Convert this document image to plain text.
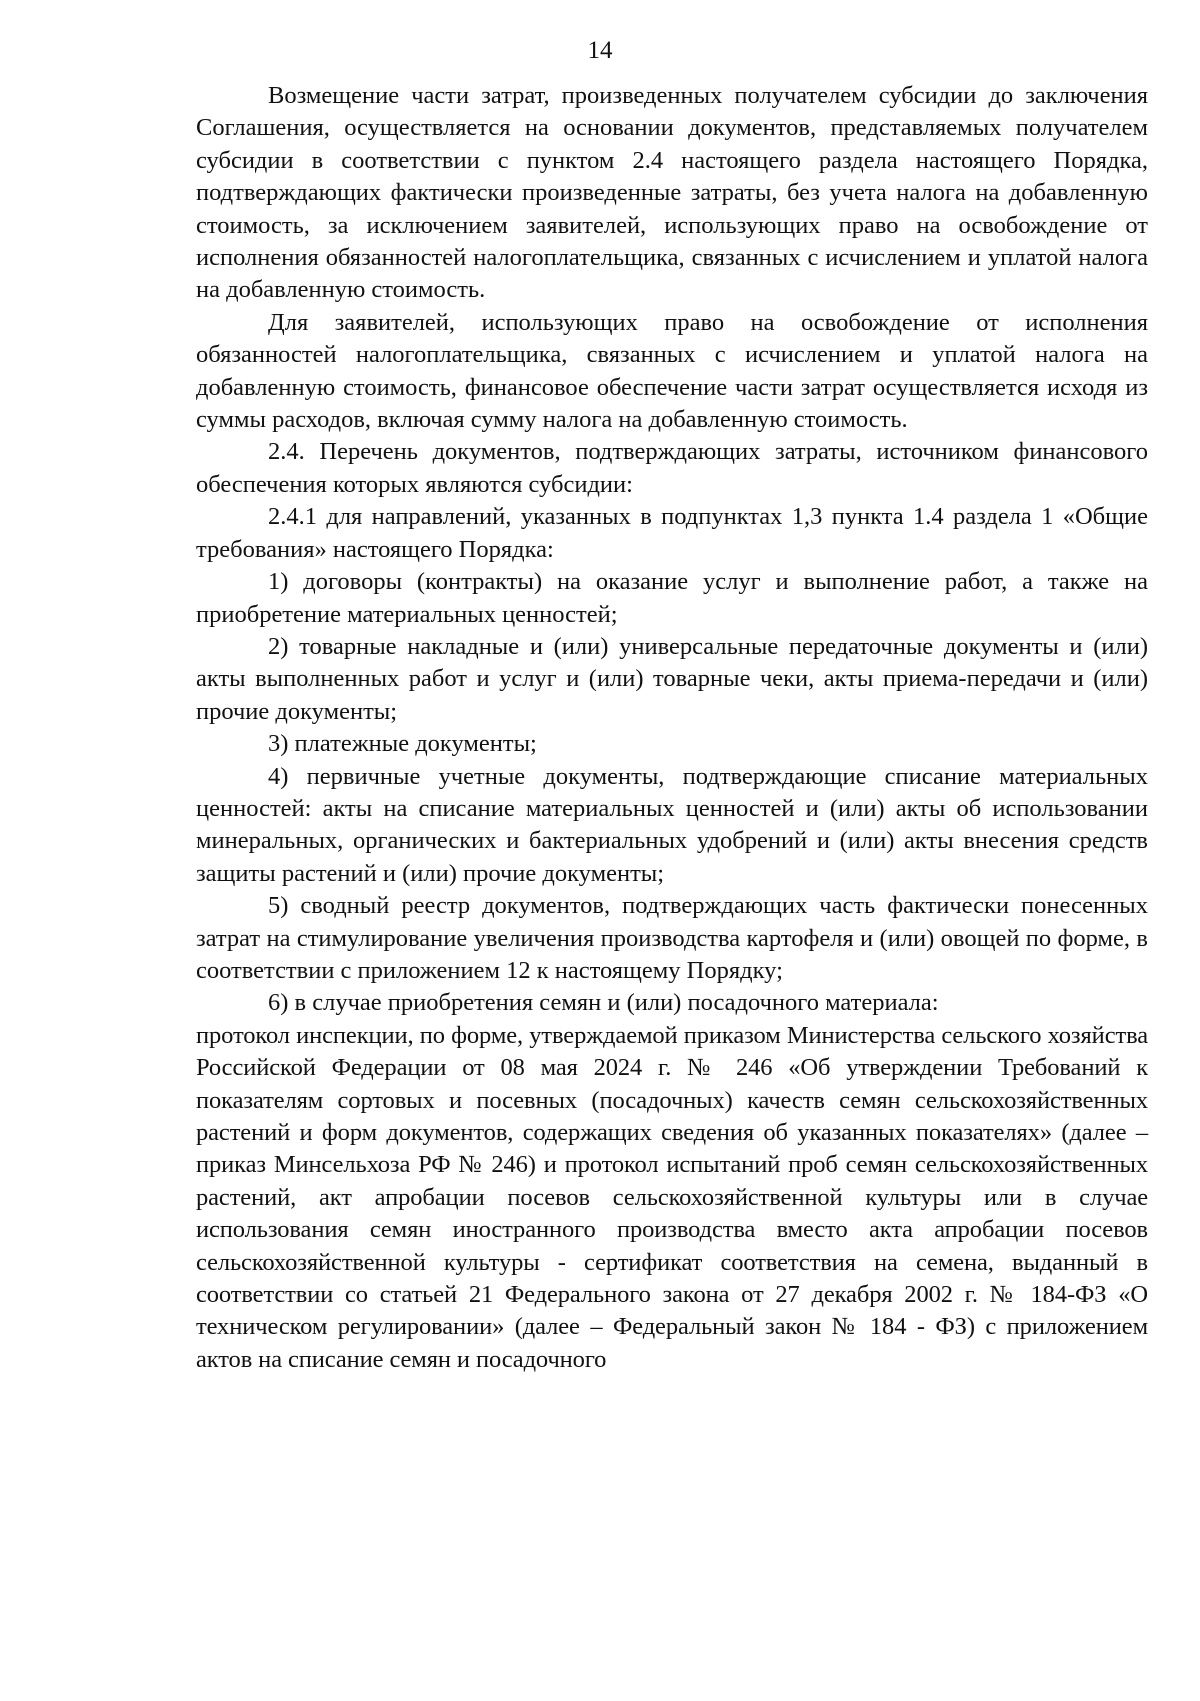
14

Возмещение части затрат, произведенных получателем субсидии до заключения Соглашения, осуществляется на основании документов, представляемых получателем субсидии в соответствии с пунктом 2.4 настоящего раздела настоящего Порядка, подтверждающих фактически произведенные затраты, без учета налога на добавленную стоимость, за исключением заявителей, использующих право на освобождение от исполнения обязанностей налогоплательщика, связанных с исчислением и уплатой налога на добавленную стоимость.

Для заявителей, использующих право на освобождение от исполнения обязанностей налогоплательщика, связанных с исчислением и уплатой налога на добавленную стоимость, финансовое обеспечение части затрат осуществляется исходя из суммы расходов, включая сумму налога на добавленную стоимость.

2.4. Перечень документов, подтверждающих затраты, источником финансового обеспечения которых являются субсидии:

2.4.1 для направлений, указанных в подпунктах 1,3 пункта 1.4 раздела 1 «Общие требования» настоящего Порядка:

1) договоры (контракты) на оказание услуг и выполнение работ, а также на приобретение материальных ценностей;

2) товарные накладные и (или) универсальные передаточные документы и (или) акты выполненных работ и услуг и (или) товарные чеки, акты приема-передачи и (или) прочие документы;

3) платежные документы;

4) первичные учетные документы, подтверждающие списание материальных ценностей: акты на списание материальных ценностей и (или) акты об использовании минеральных, органических и бактериальных удобрений и (или) акты внесения средств защиты растений и (или) прочие документы;

5) сводный реестр документов, подтверждающих часть фактически понесенных затрат на стимулирование увеличения производства картофеля и (или) овощей по форме, в соответствии с приложением 12 к настоящему Порядку;

6) в случае приобретения семян и (или) посадочного материала:

протокол инспекции, по форме, утверждаемой приказом Министерства сельского хозяйства Российской Федерации от 08 мая 2024 г. № 246 «Об утверждении Требований к показателям сортовых и посевных (посадочных) качеств семян сельскохозяйственных растений и форм документов, содержащих сведения об указанных показателях» (далее – приказ Минсельхоза РФ № 246) и протокол испытаний проб семян сельскохозяйственных растений, акт апробации посевов сельскохозяйственной культуры или в случае использования семян иностранного производства вместо акта апробации посевов сельскохозяйственной культуры - сертификат соответствия на семена, выданный в соответствии со статьей 21 Федерального закона от 27 декабря 2002 г. № 184-ФЗ «О техническом регулировании» (далее – Федеральный закон № 184 - ФЗ) с приложением актов на списание семян и посадочного
